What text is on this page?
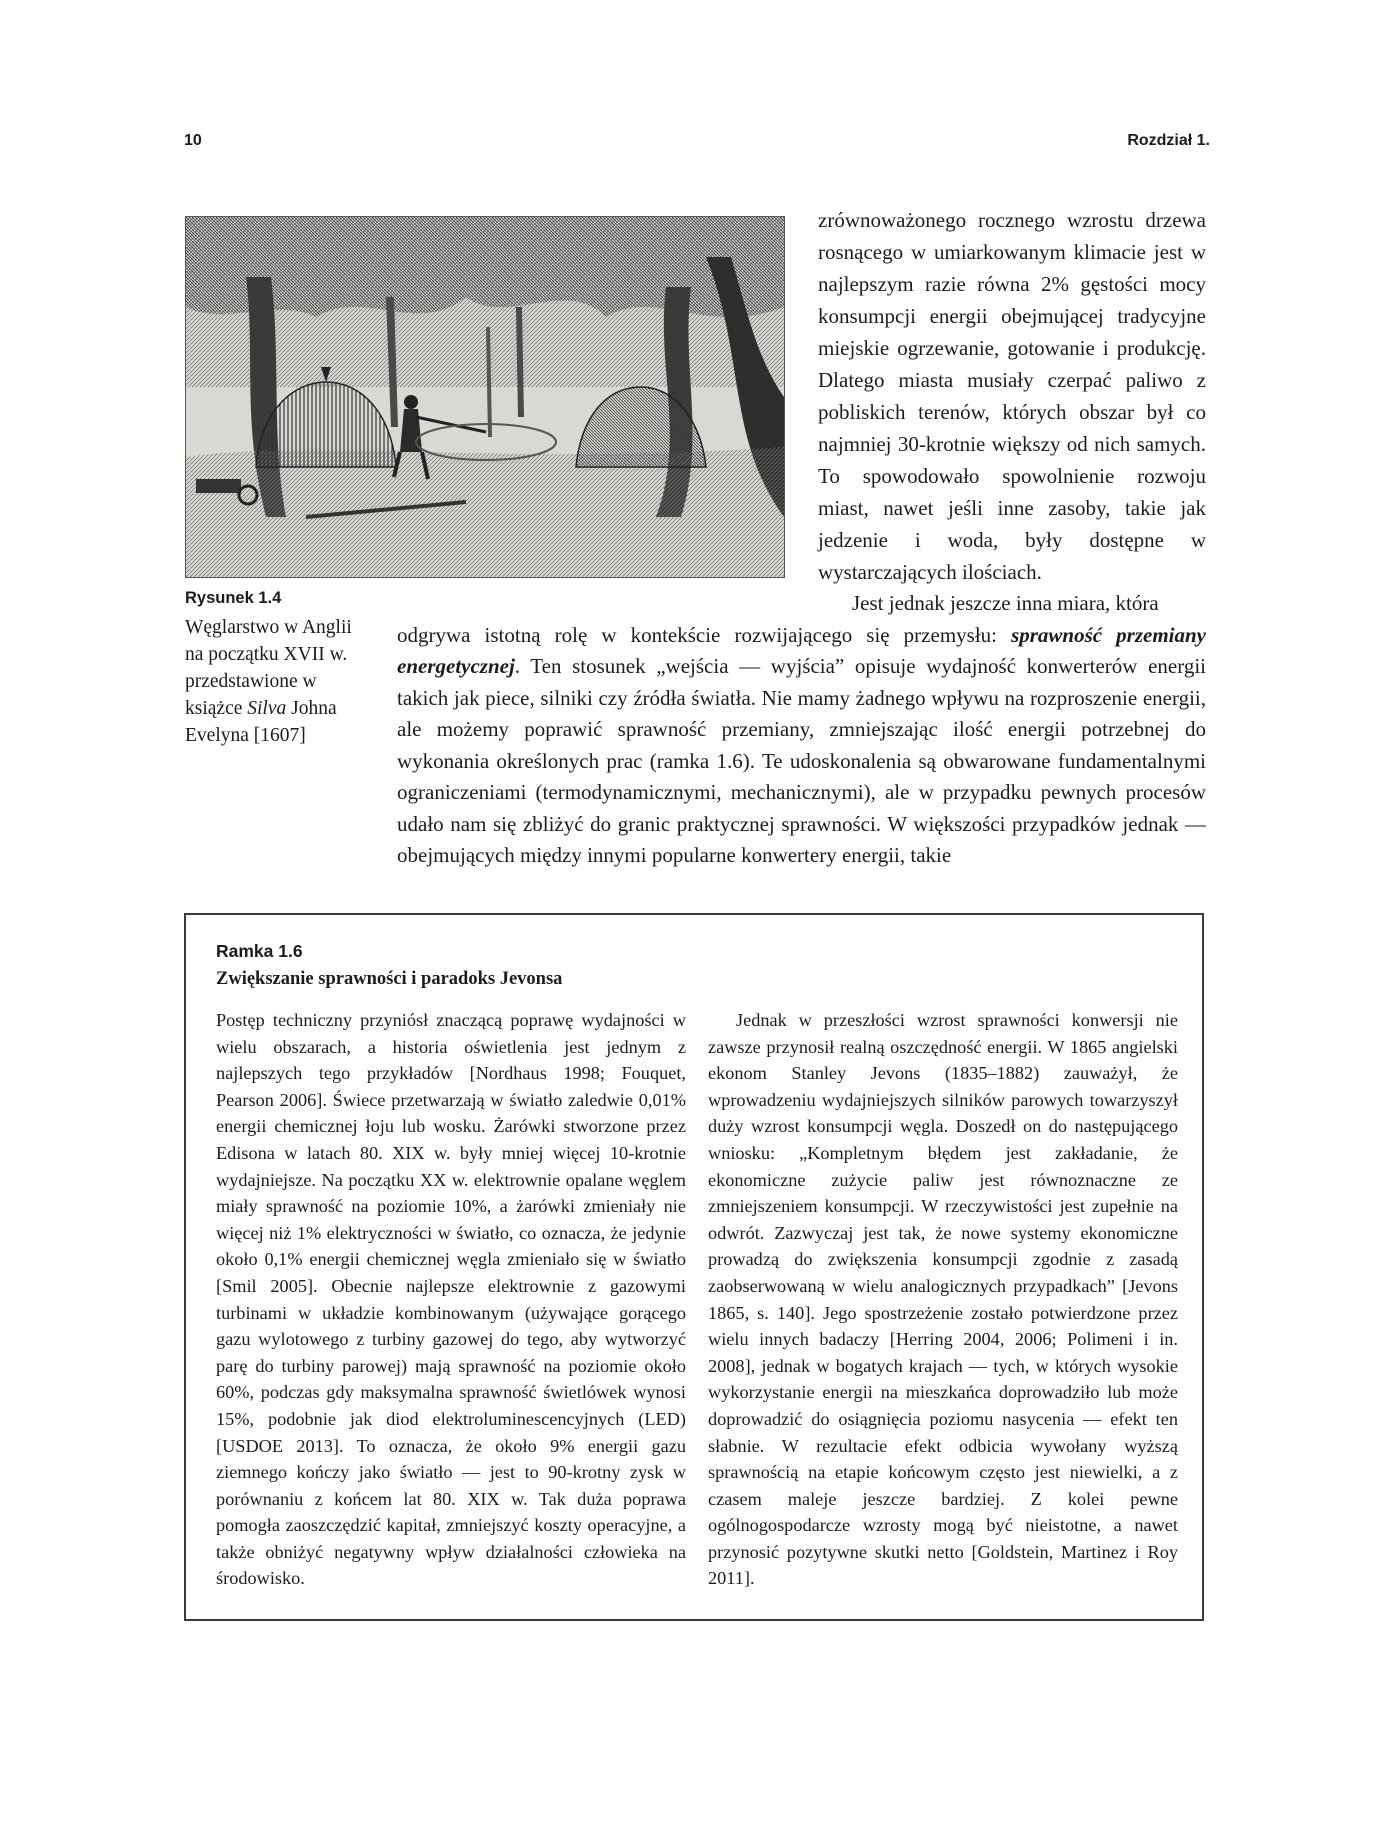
10	Rozdział 1.
Rysunek 1.4
Węglarstwo w Anglii na początku XVII w. przedstawione w książce Silva Johna Evelyna [1607]
zrównoważonego rocznego wzrostu drzewa rosnącego w umiarkowanym klimacie jest w najlepszym razie równa 2% gęstości mocy konsumpcji energii obejmującej tradycyjne miejskie ogrzewanie, gotowanie i produkcję. Dlatego miasta musiały czerpać paliwo z pobliskich terenów, których obszar był co najmniej 30-krotnie większy od nich samych. To spowodowało spowolnienie rozwoju miast, nawet jeśli inne zasoby, takie jak jedzenie i woda, były dostępne w wystarczających ilościach.
Jest jednak jeszcze inna miara, która
odgrywa istotną rolę w kontekście rozwijającego się przemysłu: sprawność przemiany energetycznej. Ten stosunek „wejścia — wyjścia” opisuje wydajność konwerterów energii takich jak piece, silniki czy źródła światła. Nie mamy żadnego wpływu na rozproszenie energii, ale możemy poprawić sprawność przemiany, zmniejszając ilość energii potrzebnej do wykonania określonych prac (ramka 1.6). Te udoskonalenia są obwarowane fundamentalnymi ograniczeniami (termodynamicznymi, mechanicznymi), ale w przypadku pewnych procesów udało nam się zbliżyć do granic praktycznej sprawności. W większości przypadków jednak — obejmujących między innymi popularne konwertery energii, takie
Ramka 1.6
Zwiększanie sprawności i paradoks Jevonsa
Postęp techniczny przyniósł znaczącą poprawę wydajności w wielu obszarach, a historia oświetlenia jest jednym z najlepszych tego przykładów [Nordhaus 1998; Fouquet, Pearson 2006]. Świece przetwarzają w światło zaledwie 0,01% energii chemicznej łoju lub wosku. Żarówki stworzone przez Edisona w latach 80. XIX w. były mniej więcej 10-krotnie wydajniejsze. Na początku XX w. elektrownie opalane węglem miały sprawność na poziomie 10%, a żarówki zmieniały nie więcej niż 1% elektryczności w światło, co oznacza, że jedynie około 0,1% energii chemicznej węgla zmieniało się w światło [Smil 2005]. Obecnie najlepsze elektrownie z gazowymi turbinami w układzie kombinowanym (używające gorącego gazu wylotowego z turbiny gazowej do tego, aby wytworzyć parę do turbiny parowej) mają sprawność na poziomie około 60%, podczas gdy maksymalna sprawność świetlówek wynosi 15%, podobnie jak diod elektroluminescencyjnych (LED) [USDOE 2013]. To oznacza, że około 9% energii gazu ziemnego kończy jako światło — jest to 90-krotny zysk w porównaniu z końcem lat 80. XIX w. Tak duża poprawa pomogła zaoszczędzić kapitał, zmniejszyć koszty operacyjne, a także obniżyć negatywny wpływ działalności człowieka na środowisko.
Jednak w przeszłości wzrost sprawności konwersji nie zawsze przynosił realną oszczędność energii. W 1865 angielski ekonom Stanley Jevons (1835–1882) zauważył, że wprowadzeniu wydajniejszych silników parowych towarzyszył duży wzrost konsumpcji węgla. Doszedł on do następującego wniosku: „Kompletnym błędem jest zakładanie, że ekonomiczne zużycie paliw jest równoznaczne ze zmniejszeniem konsumpcji. W rzeczywistości jest zupełnie na odwrót. Zazwyczaj jest tak, że nowe systemy ekonomiczne prowadzą do zwiększenia konsumpcji zgodnie z zasadą zaobserwowaną w wielu analogicznych przypadkach” [Jevons 1865, s. 140]. Jego spostrzeżenie zostało potwierdzone przez wielu innych badaczy [Herring 2004, 2006; Polimeni i in. 2008], jednak w bogatych krajach — tych, w których wysokie wykorzystanie energii na mieszkańca doprowadziło lub może doprowadzić do osiągnięcia poziomu nasycenia — efekt ten słabnie. W rezultacie efekt odbicia wywołany wyższą sprawnością na etapie końcowym często jest niewielki, a z czasem maleje jeszcze bardziej. Z kolei pewne ogólnogospodarcze wzrosty mogą być nieistotne, a nawet przynosić pozytywne skutki netto [Goldstein, Martinez i Roy 2011].
